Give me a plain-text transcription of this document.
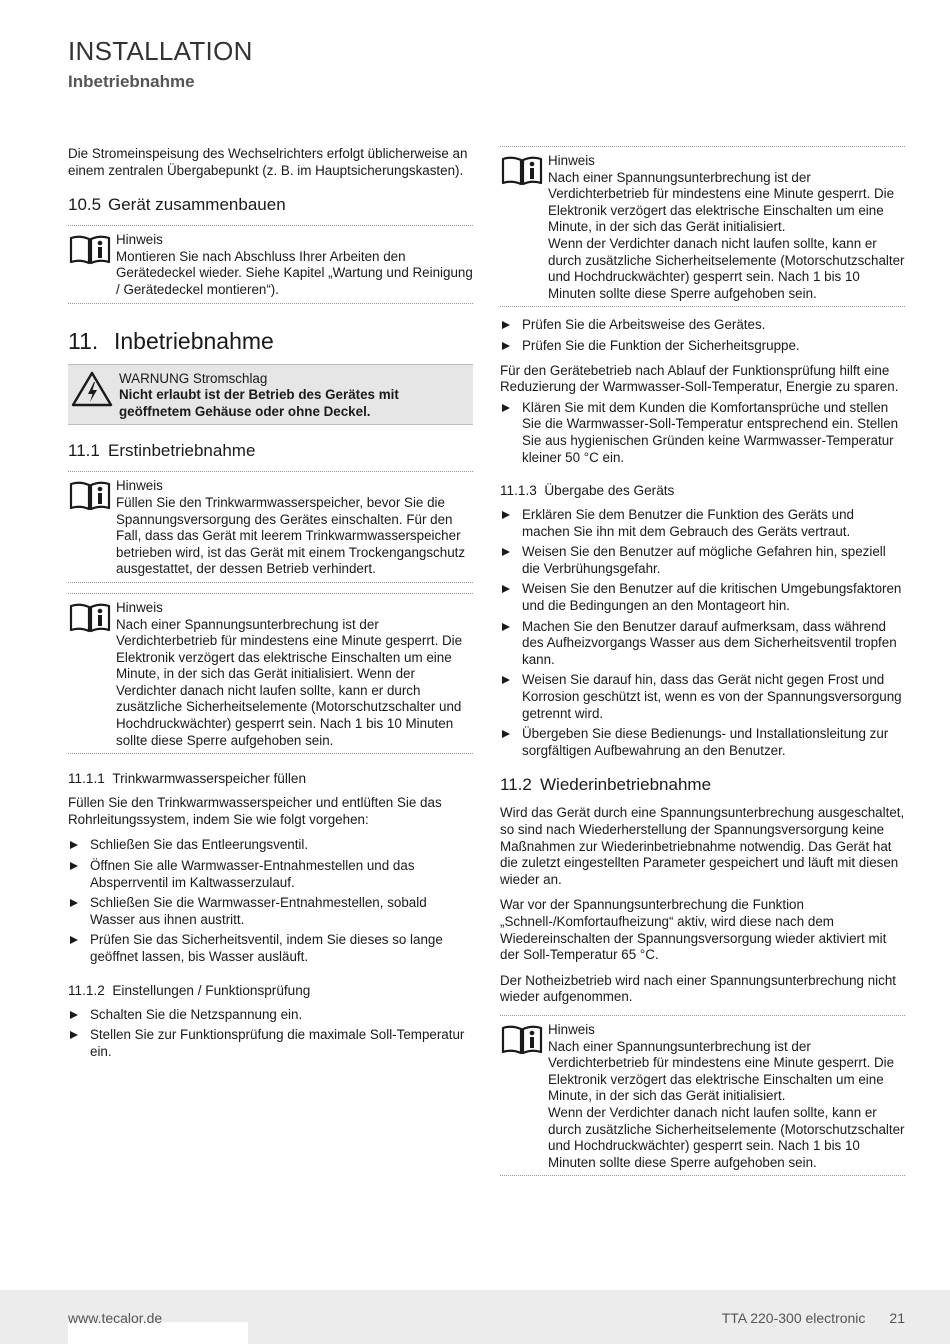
INSTALLATION
Inbetriebnahme

Die Stromeinspeisung des Wechselrichters erfolgt üblicherweise an einem zentralen Übergabepunkt (z. B. im Hauptsicherungskasten).

10.5 Gerät zusammenbauen
Hinweis
Montieren Sie nach Abschluss Ihrer Arbeiten den Gerätedeckel wieder. Siehe Kapitel „Wartung und Reinigung / Gerätedeckel montieren“).
11. Inbetriebnahme
WARNUNG Stromschlag
Nicht erlaubt ist der Betrieb des Gerätes mit geöffnetem Gehäuse oder ohne Deckel.
11.1 Erstinbetriebnahme
Hinweis
Füllen Sie den Trinkwarmwasserspeicher, bevor Sie die Spannungsversorgung des Gerätes einschalten. Für den Fall, dass das Gerät mit leerem Trinkwarmwasserspeicher betrieben wird, ist das Gerät mit einem Trockengangschutz ausgestattet, der dessen Betrieb verhindert.
Hinweis
Nach einer Spannungsunterbrechung ist der Verdichterbetrieb für mindestens eine Minute gesperrt. Die Elektronik verzögert das elektrische Einschalten um eine Minute, in der sich das Gerät initialisiert. Wenn der Verdichter danach nicht laufen sollte, kann er durch zusätzliche Sicherheitselemente (Motorschutzschalter und Hochdruckwächter) gesperrt sein. Nach 1 bis 10 Minuten sollte diese Sperre aufgehoben sein.
11.1.1 Trinkwarmwasserspeicher füllen

Füllen Sie den Trinkwarmwasserspeicher und entlüften Sie das Rohrleitungssystem, indem Sie wie folgt vorgehen:

Schließen Sie das Entleerungsventil.
Öffnen Sie alle Warmwasser-Entnahmestellen und das Absperrventil im Kaltwasserzulauf.
Schließen Sie die Warmwasser-Entnahmestellen, sobald Wasser aus ihnen austritt.
Prüfen Sie das Sicherheitsventil, indem Sie dieses so lange geöffnet lassen, bis Wasser ausläuft.
11.1.2 Einstellungen / Funktionsprüfung
Schalten Sie die Netzspannung ein.
Stellen Sie zur Funktionsprüfung die maximale Soll-Temperatur ein.
Hinweis
Nach einer Spannungsunterbrechung ist der Verdichterbetrieb für mindestens eine Minute gesperrt. Die Elektronik verzögert das elektrische Einschalten um eine Minute, in der sich das Gerät initialisiert.
Wenn der Verdichter danach nicht laufen sollte, kann er durch zusätzliche Sicherheitselemente (Motorschutzschalter und Hochdruckwächter) gesperrt sein. Nach 1 bis 10 Minuten sollte diese Sperre aufgehoben sein.
Prüfen Sie die Arbeitsweise des Gerätes.
Prüfen Sie die Funktion der Sicherheitsgruppe.

Für den Gerätebetrieb nach Ablauf der Funktionsprüfung hilft eine Reduzierung der Warmwasser-Soll-Temperatur, Energie zu sparen.

Klären Sie mit dem Kunden die Komfortansprüche und stellen Sie die Warmwasser-Soll-Temperatur entsprechend ein. Stellen Sie aus hygienischen Gründen keine Warmwasser-Temperatur kleiner 50 °C ein.
11.1.3 Übergabe des Geräts
Erklären Sie dem Benutzer die Funktion des Geräts und machen Sie ihn mit dem Gebrauch des Geräts vertraut.
Weisen Sie den Benutzer auf mögliche Gefahren hin, speziell die Verbrühungsgefahr.
Weisen Sie den Benutzer auf die kritischen Umgebungsfaktoren und die Bedingungen an den Montageort hin.
Machen Sie den Benutzer darauf aufmerksam, dass während des Aufheizvorgangs Wasser aus dem Sicherheitsventil tropfen kann.
Weisen Sie darauf hin, dass das Gerät nicht gegen Frost und Korrosion geschützt ist, wenn es von der Spannungsversorgung getrennt wird.
Übergeben Sie diese Bedienungs- und Installationsleitung zur sorgfältigen Aufbewahrung an den Benutzer.
11.2 Wiederinbetriebnahme

Wird das Gerät durch eine Spannungsunterbrechung ausgeschaltet, so sind nach Wiederherstellung der Spannungsversorgung keine Maßnahmen zur Wiederinbetriebnahme notwendig. Das Gerät hat die zuletzt eingestellten Parameter gespeichert und läuft mit diesen wieder an.

War vor der Spannungsunterbrechung die Funktion „Schnell-/Komfortaufheizung“ aktiv, wird diese nach dem Wiedereinschalten der Spannungsversorgung wieder aktiviert mit der Soll-Temperatur 65 °C.

Der Notheizbetrieb wird nach einer Spannungsunterbrechung nicht wieder aufgenommen.

Hinweis
Nach einer Spannungsunterbrechung ist der Verdichterbetrieb für mindestens eine Minute gesperrt. Die Elektronik verzögert das elektrische Einschalten um eine Minute, in der sich das Gerät initialisiert.
Wenn der Verdichter danach nicht laufen sollte, kann er durch zusätzliche Sicherheitselemente (Motorschutzschalter und Hochdruckwächter) gesperrt sein. Nach 1 bis 10 Minuten sollte diese Sperre aufgehoben sein.
www.tecalor.de	TTA 220-300 electronic 21
